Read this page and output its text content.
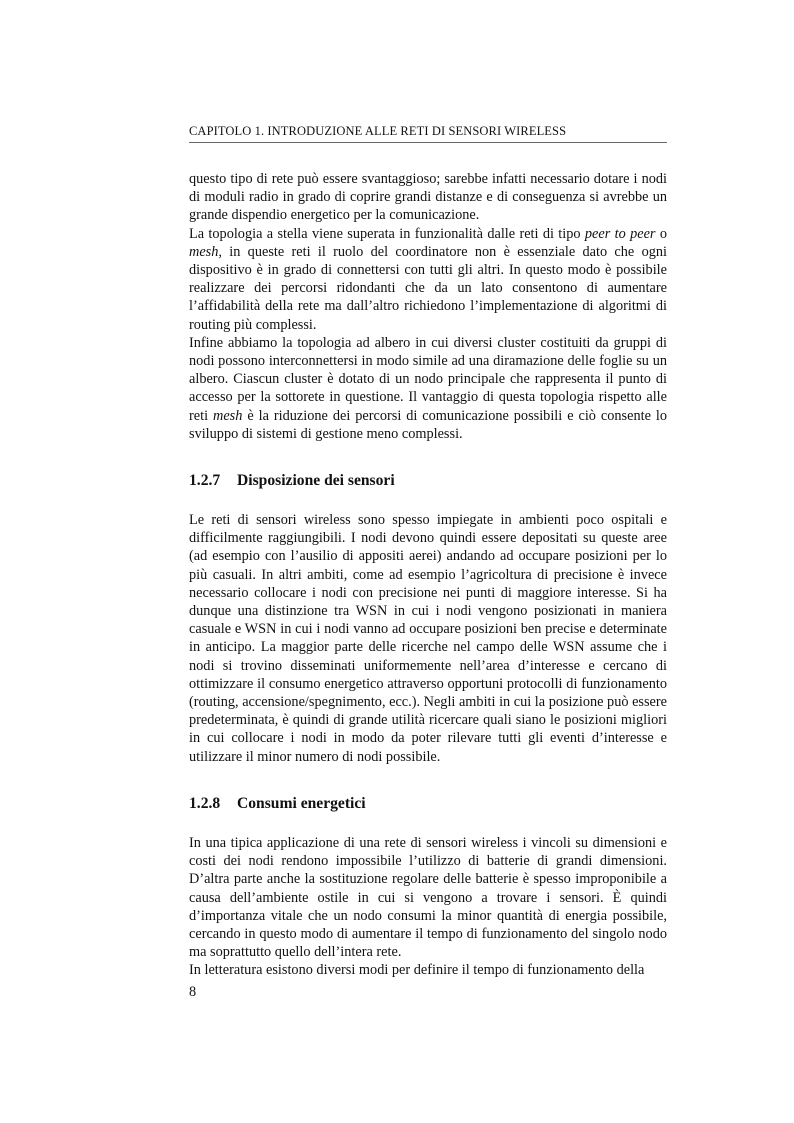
CAPITOLO 1. INTRODUZIONE ALLE RETI DI SENSORI WIRELESS

questo tipo di rete può essere svantaggioso; sarebbe infatti necessario dotare i nodi di moduli radio in grado di coprire grandi distanze e di conseguenza si avrebbe un grande dispendio energetico per la comunicazione.

La topologia a stella viene superata in funzionalità dalle reti di tipo peer to peer o mesh, in queste reti il ruolo del coordinatore non è essenziale dato che ogni dispositivo è in grado di connettersi con tutti gli altri. In questo modo è possibile realizzare dei percorsi ridondanti che da un lato consentono di aumentare l’affidabilità della rete ma dall’altro richiedono l’implementazione di algoritmi di routing più complessi.

Infine abbiamo la topologia ad albero in cui diversi cluster costituiti da gruppi di nodi possono interconnettersi in modo simile ad una diramazione delle foglie su un albero. Ciascun cluster è dotato di un nodo principale che rappresenta il punto di accesso per la sottorete in questione. Il vantaggio di questa topologia rispetto alle reti mesh è la riduzione dei percorsi di comunicazione possibili e ciò consente lo sviluppo di sistemi di gestione meno complessi.

1.2.7 Disposizione dei sensori

Le reti di sensori wireless sono spesso impiegate in ambienti poco ospitali e difficilmente raggiungibili. I nodi devono quindi essere depositati su queste aree (ad esempio con l’ausilio di appositi aerei) andando ad occupare posizioni per lo più casuali. In altri ambiti, come ad esempio l’agricoltura di precisione è invece necessario collocare i nodi con precisione nei punti di maggiore interesse. Si ha dunque una distinzione tra WSN in cui i nodi vengono posizionati in maniera casuale e WSN in cui i nodi vanno ad occupare posizioni ben precise e determinate in anticipo. La maggior parte delle ricerche nel campo delle WSN assume che i nodi si trovino disseminati uniformemente nell’area d’interesse e cercano di ottimizzare il consumo energetico attraverso opportuni protocolli di funzionamento (routing, accensione/spegnimento, ecc.). Negli ambiti in cui la posizione può essere predeterminata, è quindi di grande utilità ricercare quali siano le posizioni migliori in cui collocare i nodi in modo da poter rilevare tutti gli eventi d’interesse e utilizzare il minor numero di nodi possibile.

1.2.8 Consumi energetici

In una tipica applicazione di una rete di sensori wireless i vincoli su dimensioni e costi dei nodi rendono impossibile l’utilizzo di batterie di grandi dimensioni. D’altra parte anche la sostituzione regolare delle batterie è spesso improponibile a causa dell’ambiente ostile in cui si vengono a trovare i sensori. È quindi d’importanza vitale che un nodo consumi la minor quantità di energia possibile, cercando in questo modo di aumentare il tempo di funzionamento del singolo nodo ma soprattutto quello dell’intera rete.

In letteratura esistono diversi modi per definire il tempo di funzionamento della

8
